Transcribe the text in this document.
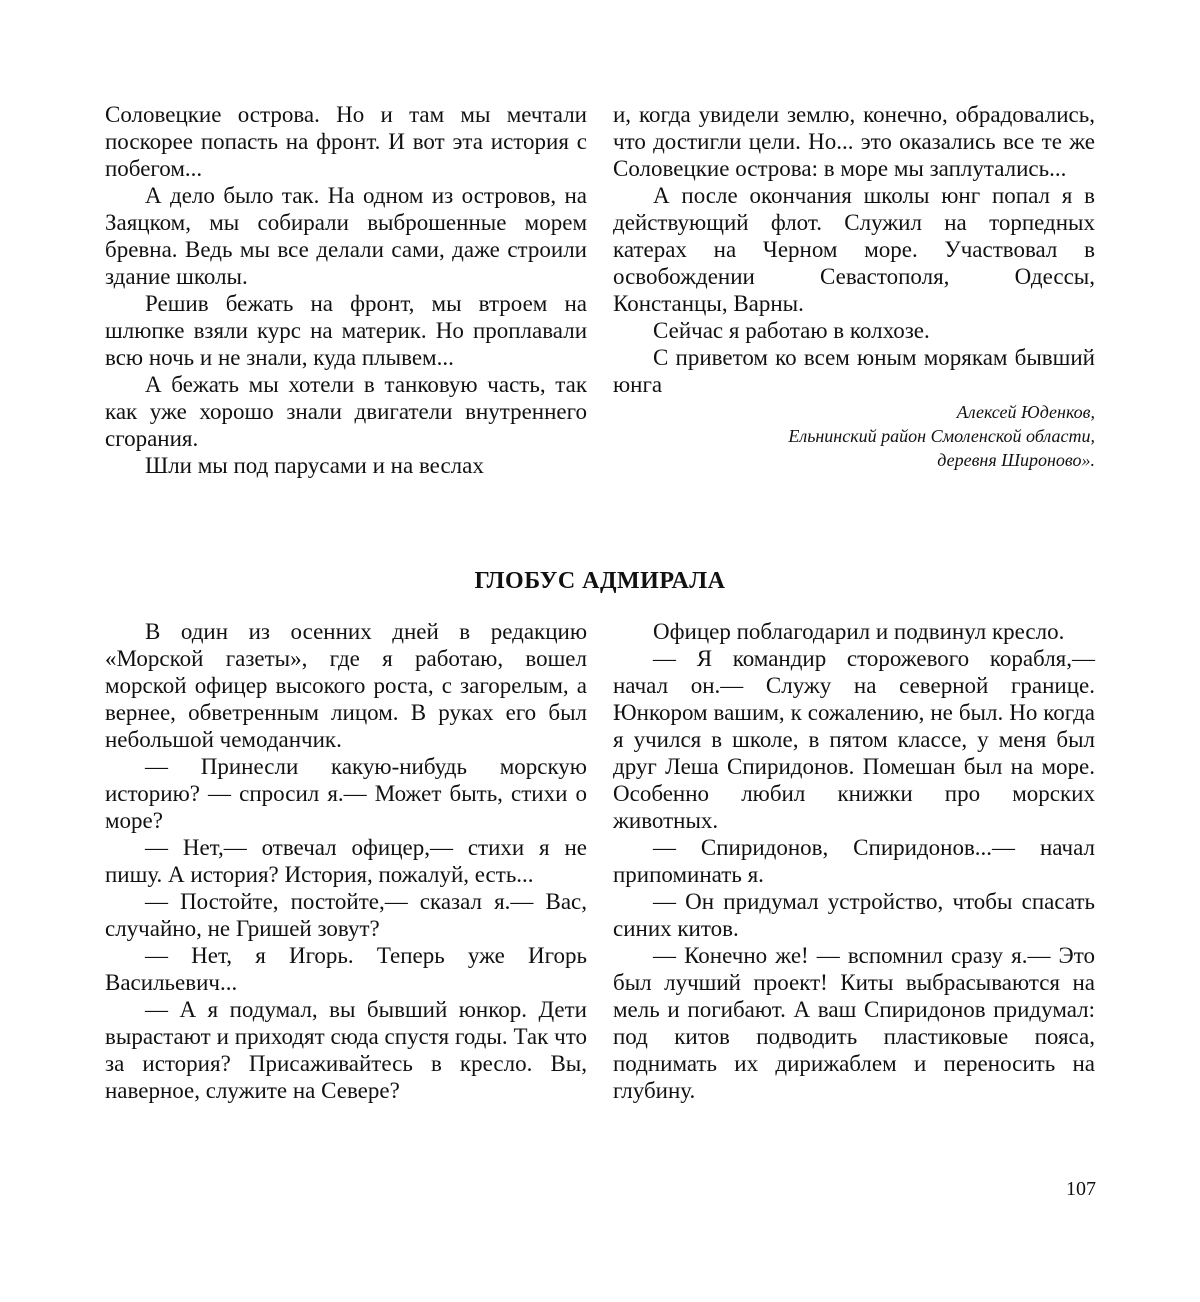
Соловецкие острова. Но и там мы мечтали поскорее попасть на фронт. И вот эта история с побегом...

А дело было так. На одном из островов, на Заяцком, мы собирали выброшенные морем бревна. Ведь мы все делали сами, даже строили здание школы.

Решив бежать на фронт, мы втроем на шлюпке взяли курс на материк. Но проплавали всю ночь и не знали, куда плывем...

А бежать мы хотели в танковую часть, так как уже хорошо знали двигатели внутреннего сгорания.

Шли мы под парусами и на веслах

и, когда увидели землю, конечно, обрадовались, что достигли цели. Но... это оказались все те же Соловецкие острова: в море мы заплутались...

А после окончания школы юнг попал я в действующий флот. Служил на торпедных катерах на Черном море. Участвовал в освобождении Севастополя, Одессы, Констанцы, Варны.

Сейчас я работаю в колхозе.

С приветом ко всем юным морякам бывший юнга

Алексей Юденков,
Ельнинский район Смоленской области,
деревня Широново».
ГЛОБУС АДМИРАЛА

В один из осенних дней в редакцию «Морской газеты», где я работаю, вошел морской офицер высокого роста, с загорелым, а вернее, обветренным лицом. В руках его был небольшой чемоданчик.

— Принесли какую-нибудь морскую историю? — спросил я.— Может быть, стихи о море?

— Нет,— отвечал офицер,— стихи я не пишу. А история? История, пожалуй, есть...

— Постойте, постойте,— сказал я.— Вас, случайно, не Гришей зовут?

— Нет, я Игорь. Теперь уже Игорь Васильевич...

— А я подумал, вы бывший юнкор. Дети вырастают и приходят сюда спустя годы. Так что за история? Присаживайтесь в кресло. Вы, наверное, служите на Севере?

Офицер поблагодарил и подвинул кресло.

— Я командир сторожевого корабля,— начал он.— Служу на северной границе. Юнкором вашим, к сожалению, не был. Но когда я учился в школе, в пятом классе, у меня был друг Леша Спиридонов. Помешан был на море. Особенно любил книжки про морских животных.

— Спиридонов, Спиридонов...— начал припоминать я.

— Он придумал устройство, чтобы спасать синих китов.

— Конечно же! — вспомнил сразу я.— Это был лучший проект! Киты выбрасываются на мель и погибают. А ваш Спиридонов придумал: под китов подводить пластиковые пояса, поднимать их дирижаблем и переносить на глубину.

107
